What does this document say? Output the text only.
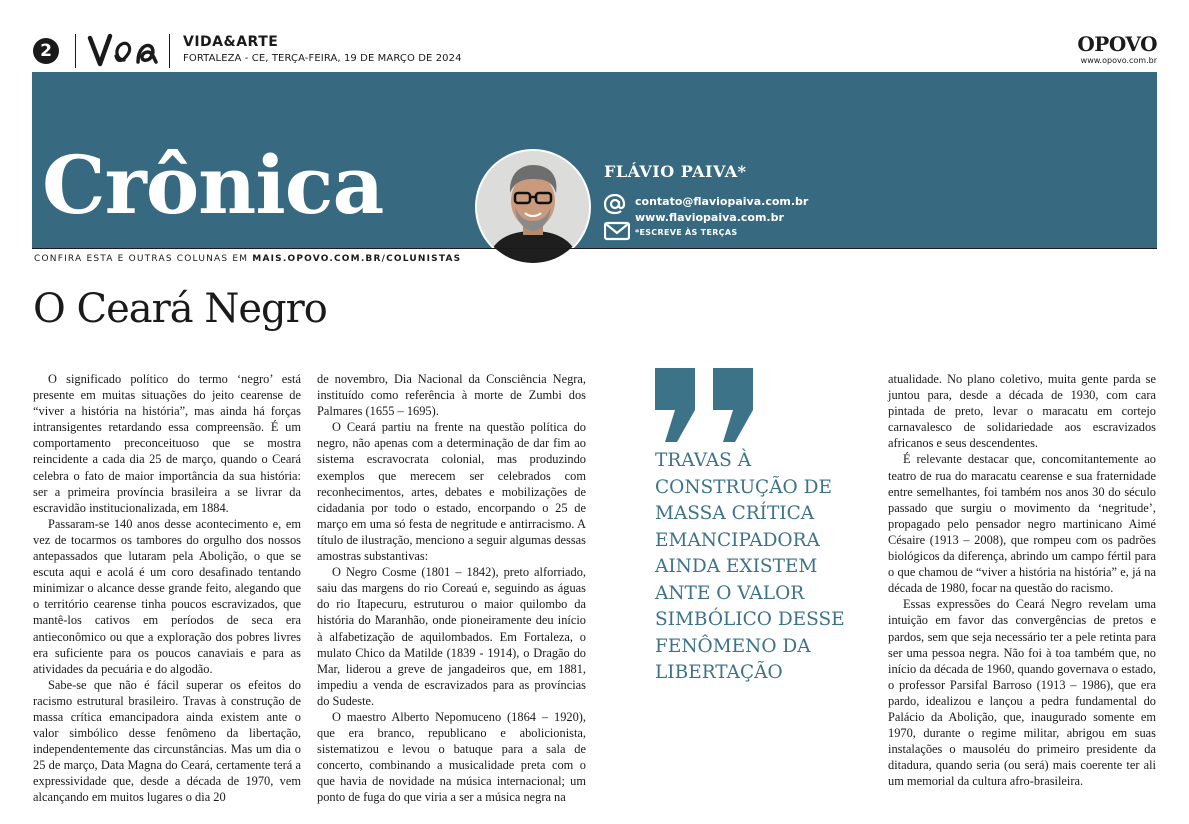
2	VIDA&ARTE
FORTALEZA - CE, TERÇA-FEIRA, 19 DE MARÇO DE 2024
OPOVO
www.opovo.com.br
Crônica	FLÁVIO PAIVA*
contato@flaviopaiva.com.br
www.flaviopaiva.com.br
*ESCREVE ÀS TERÇAS
CONFIRA ESTA E OUTRAS COLUNAS EM MAIS.OPOVO.COM.BR/COLUNISTAS
O Ceará Negro

O significado político do termo ‘negro’ está presente em muitas situações do jeito cearense de “viver a história na história”, mas ainda há forças intransigentes retardando essa compreensão. É um comportamento preconceituoso que se mostra reincidente a cada dia 25 de março, quando o Ceará celebra o fato de maior importância da sua história: ser a primeira província brasileira a se livrar da escravidão institucionalizada, em 1884.

Passaram-se 140 anos desse acontecimento e, em vez de tocarmos os tambores do orgulho dos nossos antepassados que lutaram pela Abolição, o que se escuta aqui e acolá é um coro desafinado tentando minimizar o alcance desse grande feito, alegando que o território cearense tinha poucos escravizados, que mantê-los cativos em períodos de seca era antieconômico ou que a exploração dos pobres livres era suficiente para os poucos canaviais e para as atividades da pecuária e do algodão.

Sabe-se que não é fácil superar os efeitos do racismo estrutural brasileiro. Travas à construção de massa crítica emancipadora ainda existem ante o valor simbólico desse fenômeno da libertação, independentemente das circunstâncias. Mas um dia o 25 de março, Data Magna do Ceará, certamente terá a expressividade que, desde a década de 1970, vem alcançando em muitos lugares o dia 20

de novembro, Dia Nacional da Consciência Negra, instituído como referência à morte de Zumbi dos Palmares (1655 – 1695).

O Ceará partiu na frente na questão política do negro, não apenas com a determinação de dar fim ao sistema escravocrata colonial, mas produzindo exemplos que merecem ser celebrados com reconhecimentos, artes, debates e mobilizações de cidadania por todo o estado, encorpando o 25 de março em uma só festa de negritude e antirracismo. A título de ilustração, menciono a seguir algumas dessas amostras substantivas:

O Negro Cosme (1801 – 1842), preto alforriado, saiu das margens do rio Coreaú e, seguindo as águas do rio Itapecuru, estruturou o maior quilombo da história do Maranhão, onde pioneiramente deu início à alfabetização de aquilombados. Em Fortaleza, o mulato Chico da Matilde (1839 - 1914), o Dragão do Mar, liderou a greve de jangadeiros que, em 1881, impediu a venda de escravizados para as províncias do Sudeste.

O maestro Alberto Nepomuceno (1864 – 1920), que era branco, republicano e abolicionista, sistematizou e levou o batuque para a sala de concerto, combinando a musicalidade preta com o que havia de novidade na música internacional; um ponto de fuga do que viria a ser a música negra na

TRAVAS À CONSTRUÇÃO DE MASSA CRÍTICA EMANCIPADORA AINDA EXISTEM ANTE O VALOR SIMBÓLICO DESSE FENÔMENO DA LIBERTAÇÃO

atualidade. No plano coletivo, muita gente parda se juntou para, desde a década de 1930, com cara pintada de preto, levar o maracatu em cortejo carnavalesco de solidariedade aos escravizados africanos e seus descendentes.

É relevante destacar que, concomitantemente ao teatro de rua do maracatu cearense e sua fraternidade entre semelhantes, foi também nos anos 30 do século passado que surgiu o movimento da ‘negritude’, propagado pelo pensador negro martinicano Aimé Césaire (1913 – 2008), que rompeu com os padrões biológicos da diferença, abrindo um campo fértil para o que chamou de “viver a história na história” e, já na década de 1980, focar na questão do racismo.

Essas expressões do Ceará Negro revelam uma intuição em favor das convergências de pretos e pardos, sem que seja necessário ter a pele retinta para ser uma pessoa negra. Não foi à toa também que, no início da década de 1960, quando governava o estado, o professor Parsifal Barroso (1913 – 1986), que era pardo, idealizou e lançou a pedra fundamental do Palácio da Abolição, que, inaugurado somente em 1970, durante o regime militar, abrigou em suas instalações o mausoléu do primeiro presidente da ditadura, quando seria (ou será) mais coerente ter ali um memorial da cultura afro-brasileira.
